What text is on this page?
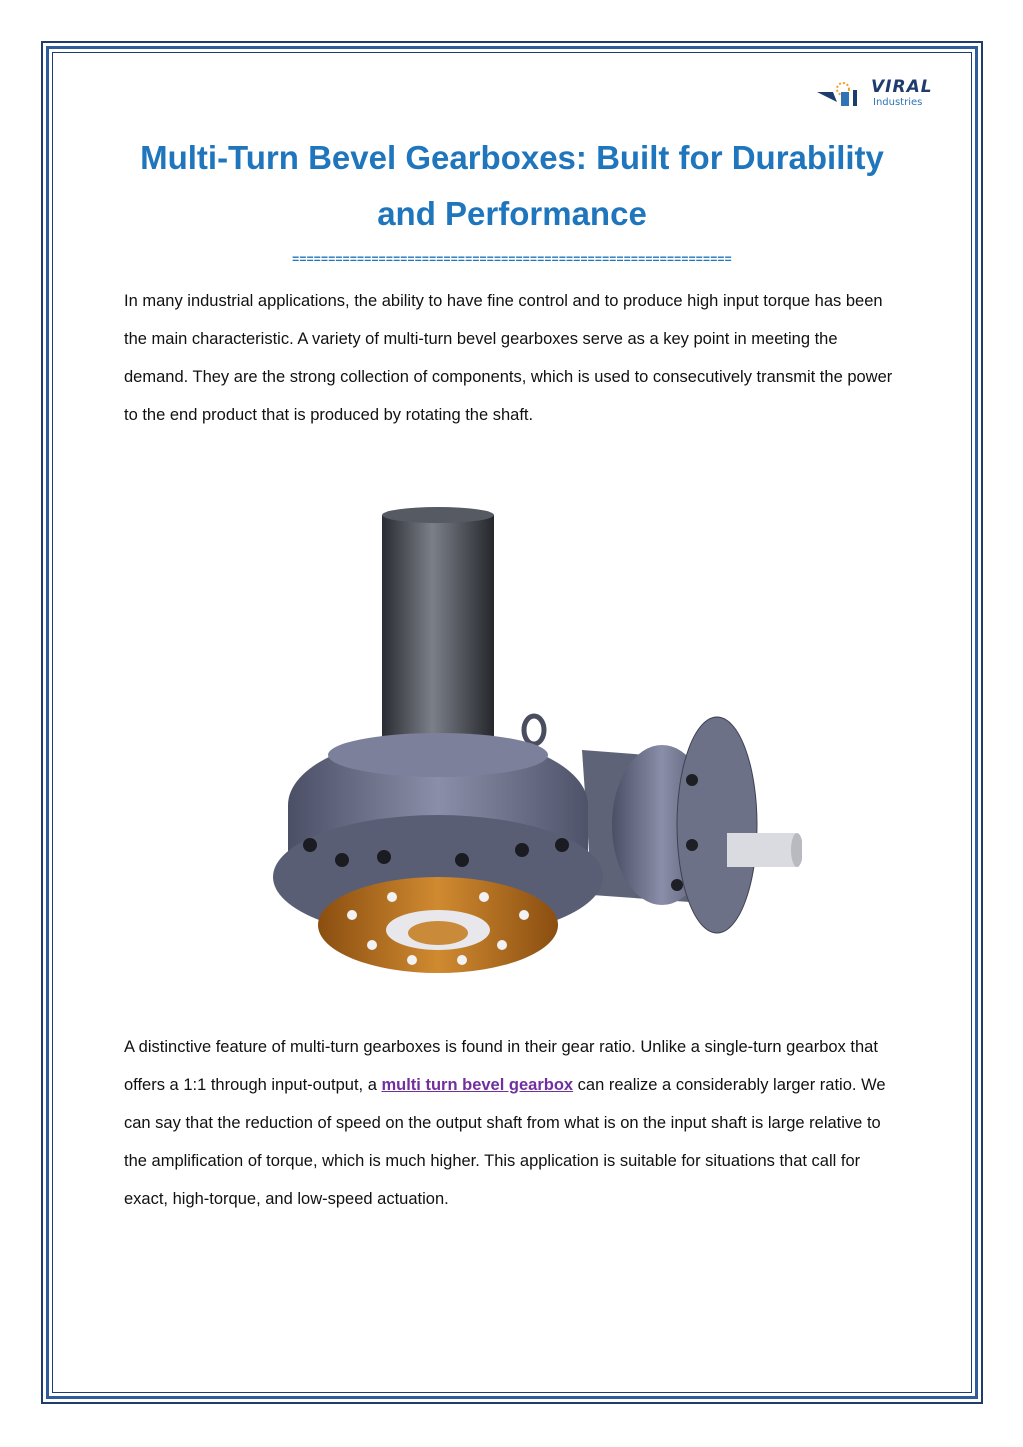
VIRAL
Industries
Multi-Turn Bevel Gearboxes: Built for Durability and Performance
=============================================================

In many industrial applications, the ability to have fine control and to produce high input torque has been the main characteristic. A variety of multi-turn bevel gearboxes serve as a key point in meeting the demand. They are the strong collection of components, which is used to consecutively transmit the power to the end product that is produced by rotating the shaft.

A distinctive feature of multi-turn gearboxes is found in their gear ratio. Unlike a single-turn gearbox that offers a 1:1 through input-output, a multi turn bevel gearbox can realize a considerably larger ratio. We can say that the reduction of speed on the output shaft from what is on the input shaft is large relative to the amplification of torque, which is much higher. This application is suitable for situations that call for exact, high-torque, and low-speed actuation.
